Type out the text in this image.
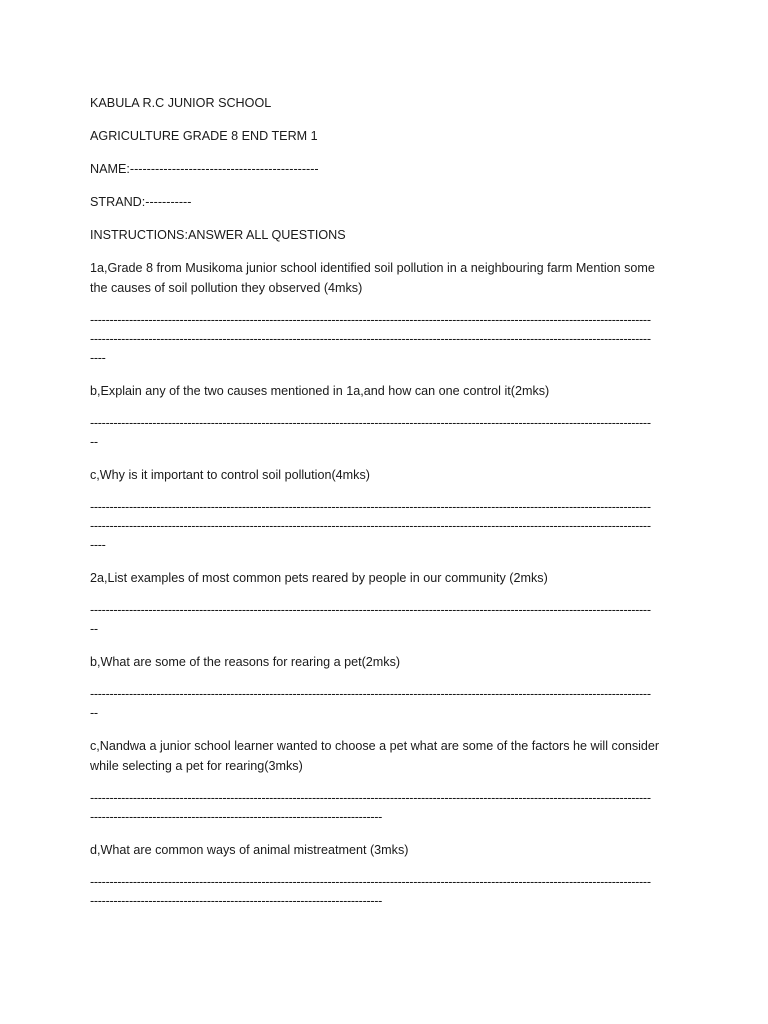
KABULA R.C JUNIOR SCHOOL
AGRICULTURE GRADE 8 END TERM 1
NAME:---------------------------------------------
STRAND:-----------
INSTRUCTIONS:ANSWER ALL QUESTIONS
1a,Grade 8 from Musikoma junior school identified soil pollution in a neighbouring farm Mention some the causes of soil pollution they observed (4mks)
------------------------------------------------------------------------------------------------------------------------------------------------
------------------------------------------------------------------------------------------------------------------------------------------------
----
b,Explain any of the two causes mentioned in 1a,and how can one control it(2mks)
------------------------------------------------------------------------------------------------------------------------------------------------
--
c,Why is it important to control soil pollution(4mks)
------------------------------------------------------------------------------------------------------------------------------------------------
------------------------------------------------------------------------------------------------------------------------------------------------
----
2a,List examples of most common pets reared by people in our community (2mks)
------------------------------------------------------------------------------------------------------------------------------------------------
--
b,What are some of the reasons for rearing a pet(2mks)
------------------------------------------------------------------------------------------------------------------------------------------------
--
c,Nandwa a junior school learner wanted to choose a pet what are some of the factors he will consider while selecting a pet for rearing(3mks)
------------------------------------------------------------------------------------------------------------------------------------------------
---------------------------------------------------------------------------
d,What are common ways of animal mistreatment (3mks)
------------------------------------------------------------------------------------------------------------------------------------------------
---------------------------------------------------------------------------
